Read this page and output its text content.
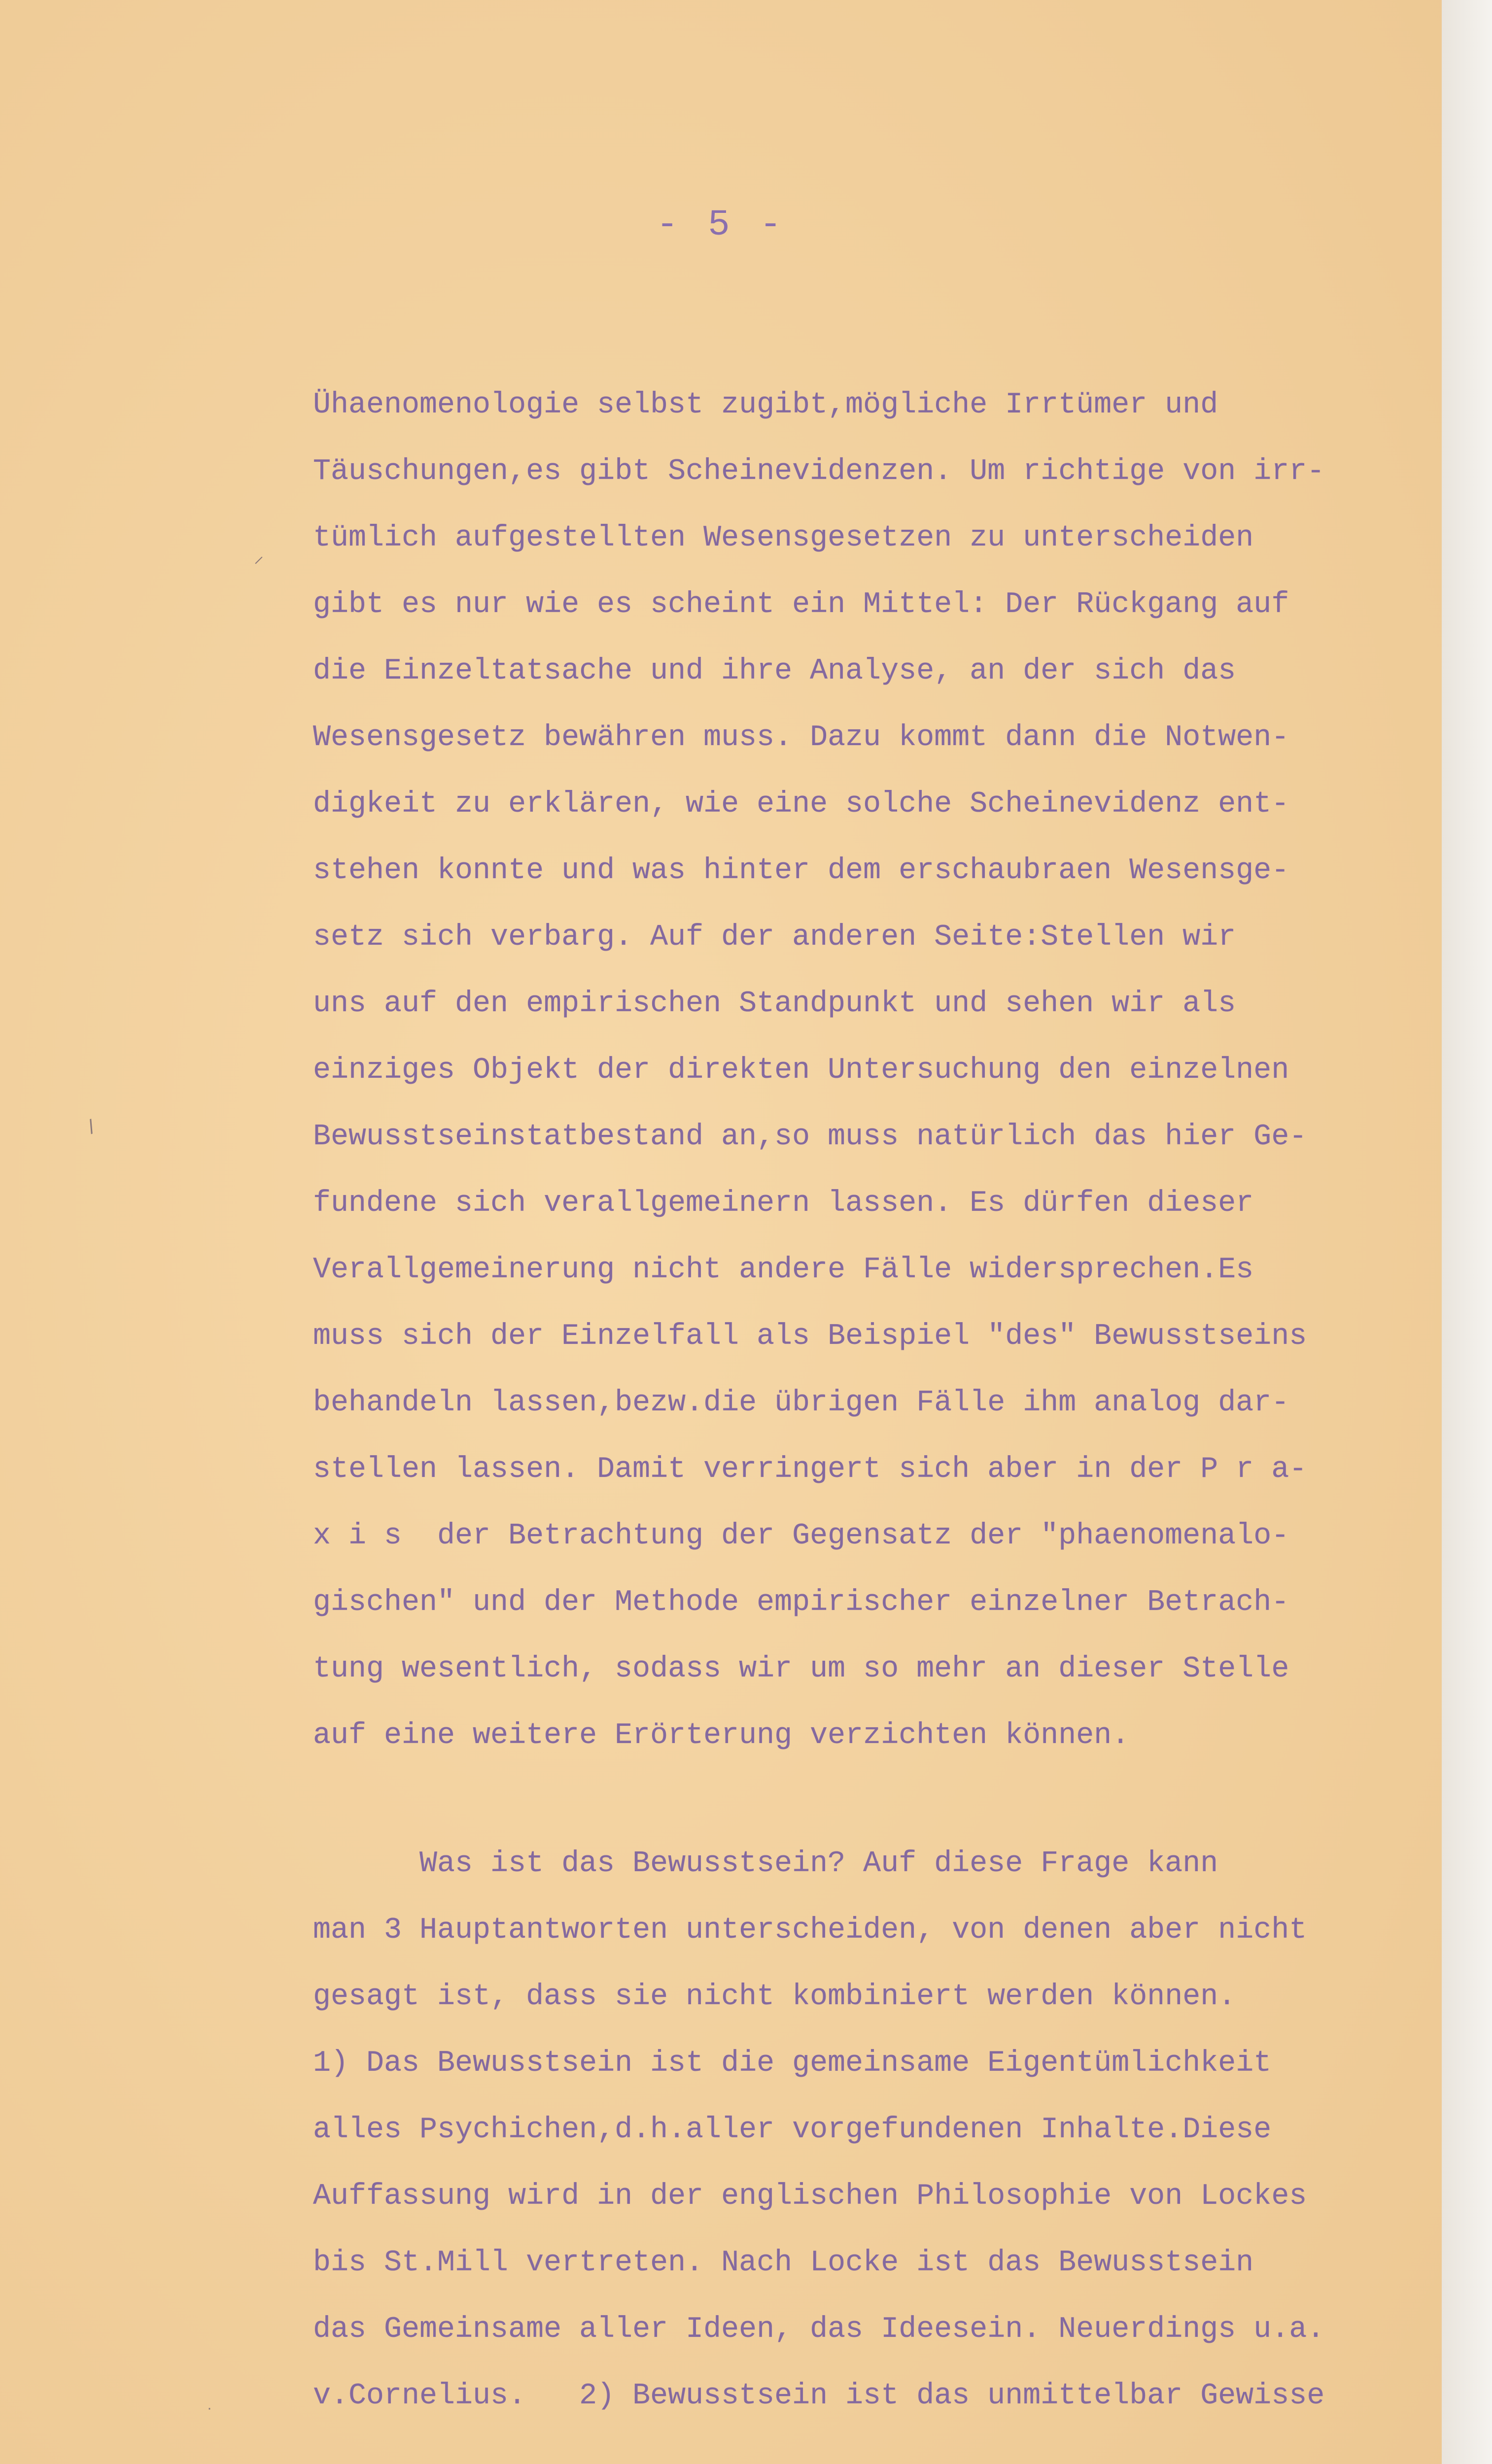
- 5 -
Ühaenomenologie selbst zugibt,mögliche Irrtümer und
Täuschungen,es gibt Scheinevidenzen. Um richtige von irr-
tümlich aufgestellten Wesensgesetzen zu unterscheiden
gibt es nur wie es scheint ein Mittel: Der Rückgang auf
die Einzeltatsache und ihre Analyse, an der sich das
Wesensgesetz bewähren muss. Dazu kommt dann die Notwen-
digkeit zu erklären, wie eine solche Scheinevidenz ent-
stehen konnte und was hinter dem erschaubraen Wesensge-
setz sich verbarg. Auf der anderen Seite:Stellen wir
uns auf den empirischen Standpunkt und sehen wir als
einziges Objekt der direkten Untersuchung den einzelnen
Bewusstseinstatbestand an,so muss natürlich das hier Ge-
fundene sich verallgemeinern lassen. Es dürfen dieser
Verallgemeinerung nicht andere Fälle widersprechen.Es
muss sich der Einzelfall als Beispiel "des" Bewusstseins
behandeln lassen,bezw.die übrigen Fälle ihm analog dar-
stellen lassen. Damit verringert sich aber in der P r a-
x i s  der Betrachtung der Gegensatz der "phaenomenalo-
gischen" und der Methode empirischer einzelner Betrach-
tung wesentlich, sodass wir um so mehr an dieser Stelle
auf eine weitere Erörterung verzichten können.
Was ist das Bewusstsein? Auf diese Frage kann
man 3 Hauptantworten unterscheiden, von denen aber nicht
gesagt ist, dass sie nicht kombiniert werden können.
1) Das Bewusstsein ist die gemeinsame Eigentümlichkeit
alles Psychichen,d.h.aller vorgefundenen Inhalte.Diese
Auffassung wird in der englischen Philosophie von Lockes
bis St.Mill vertreten. Nach Locke ist das Bewusstsein
das Gemeinsame aller Ideen, das Ideesein. Neuerdings u.a.
v.Cornelius.   2) Bewusstsein ist das unmittelbar Gewisse
⸍
/
·
